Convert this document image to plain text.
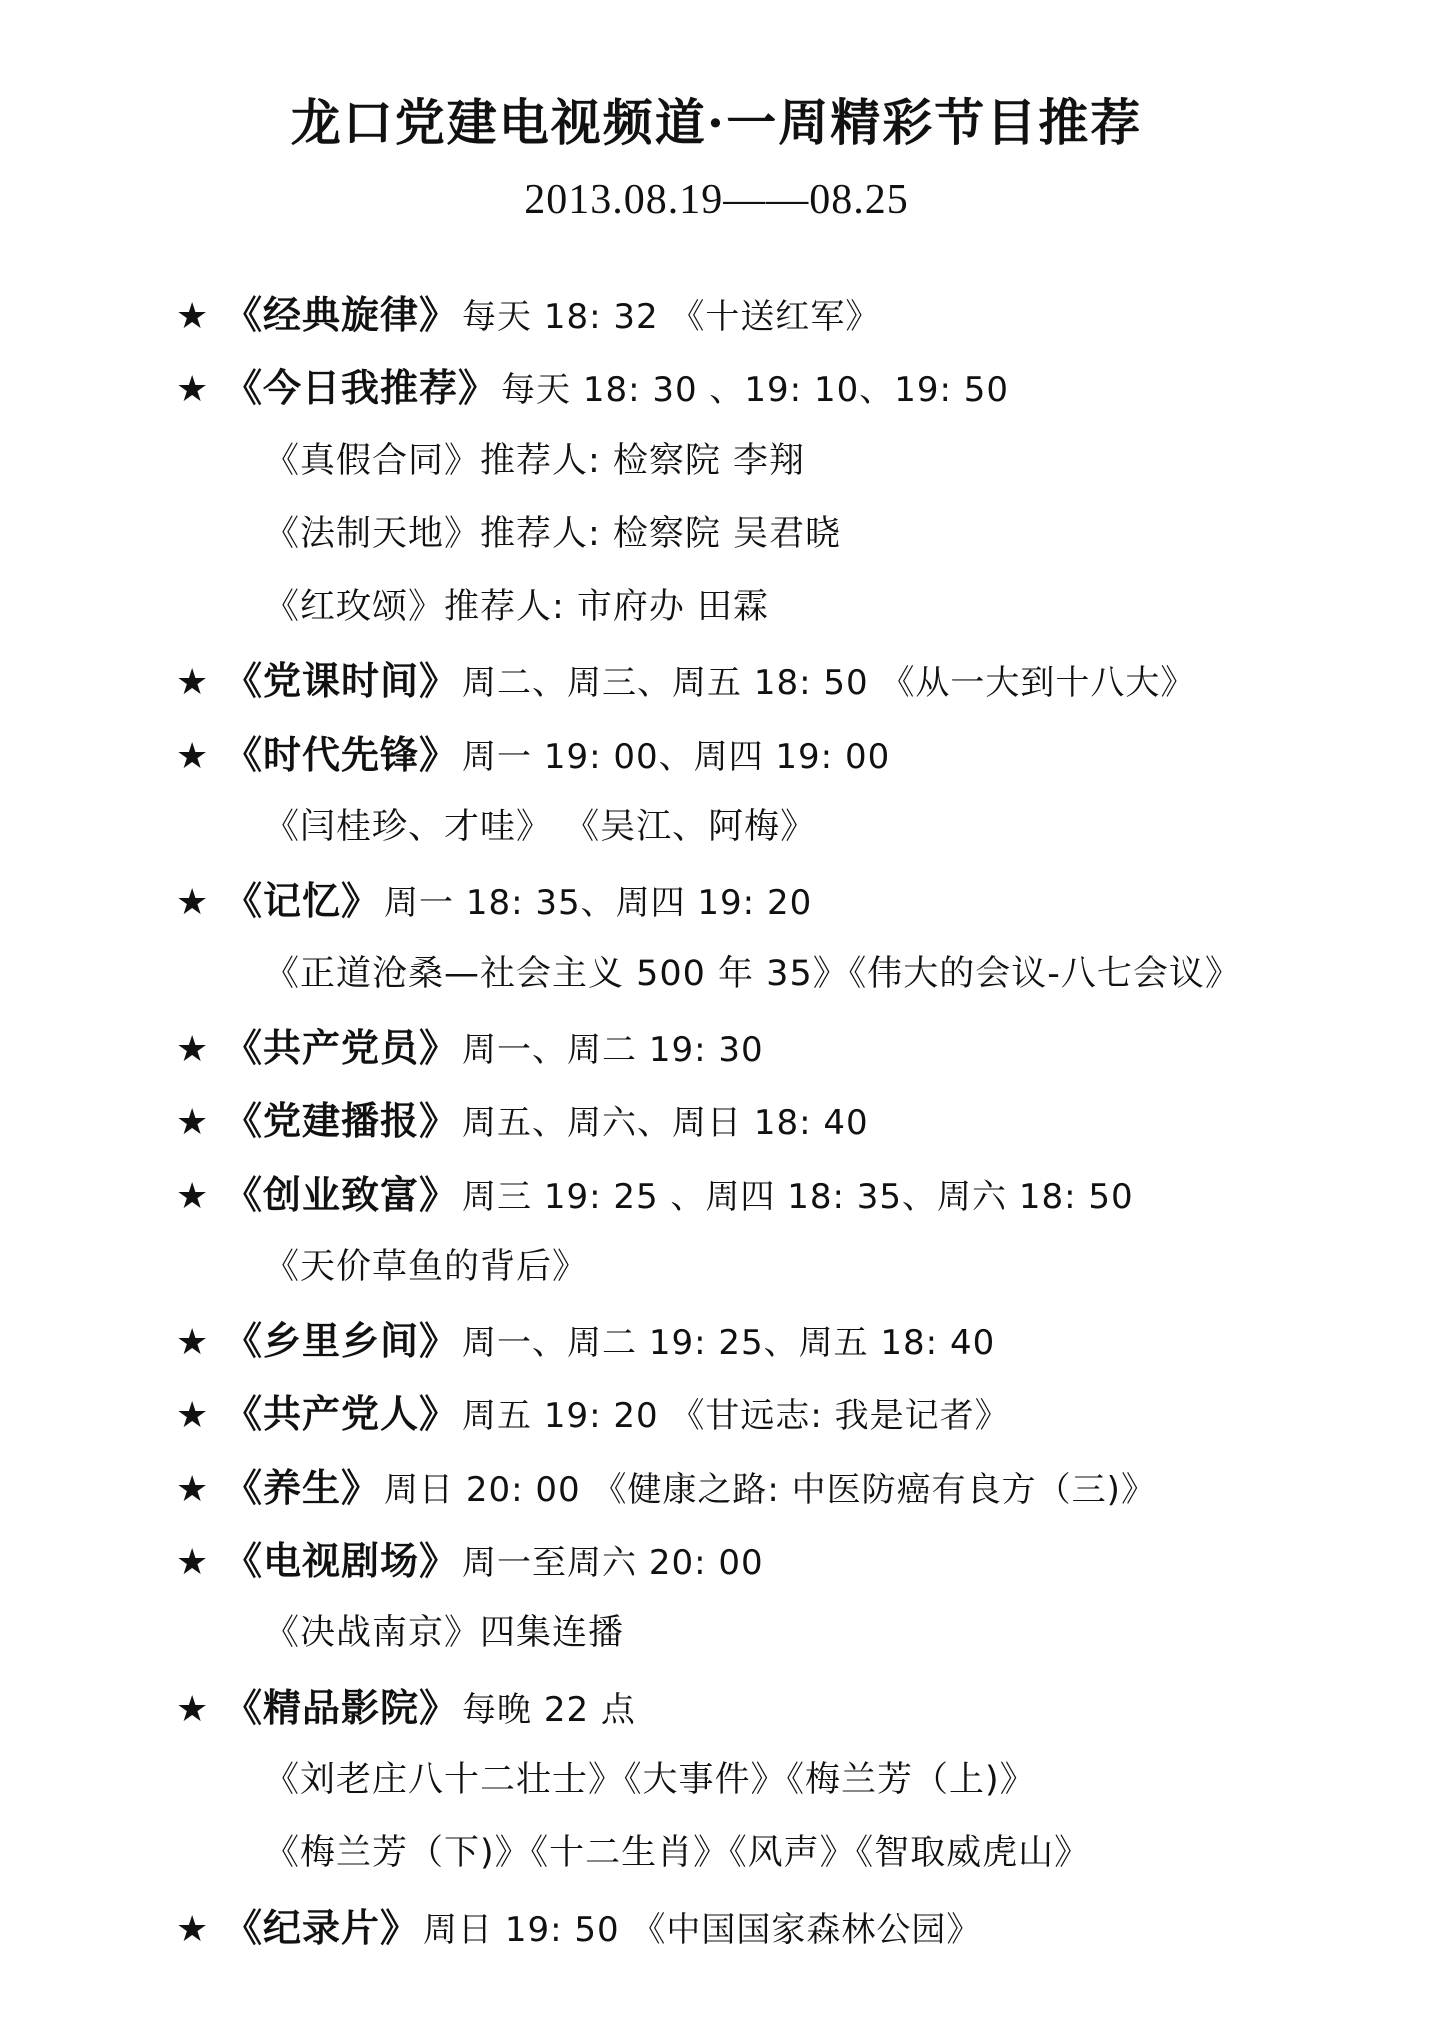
龙口党建电视频道·一周精彩节目推荐
2013.08.19——08.25
★ 《经典旋律》 每天 18: 32 《十送红军》
★ 《今日我推荐》 每天 18: 30 、19: 10、19: 50
《真假合同》推荐人: 检察院 李翔
《法制天地》推荐人: 检察院 吴君晓
《红玫颂》推荐人: 市府办 田霖
★ 《党课时间》 周二、周三、周五 18: 50 《从一大到十八大》
★ 《时代先锋》 周一 19: 00、周四 19: 00
《闫桂珍、才哇》 《吴江、阿梅》
★ 《记忆》 周一 18: 35、周四 19: 20
《正道沧桑—社会主义 500 年 35》《伟大的会议-八七会议》
★ 《共产党员》 周一、周二 19: 30
★ 《党建播报》 周五、周六、周日 18: 40
★ 《创业致富》 周三 19: 25 、周四 18: 35、周六 18: 50
《天价草鱼的背后》
★ 《乡里乡间》 周一、周二 19: 25、周五 18: 40
★ 《共产党人》 周五 19: 20 《甘远志: 我是记者》
★ 《养生》 周日 20: 00 《健康之路: 中医防癌有良方（三)》
★ 《电视剧场》 周一至周六 20: 00
《决战南京》四集连播
★ 《精品影院》 每晚 22 点
《刘老庄八十二壮士》《大事件》《梅兰芳（上)》
《梅兰芳（下)》《十二生肖》《风声》《智取威虎山》
★ 《纪录片》 周日 19: 50 《中国国家森林公园》
